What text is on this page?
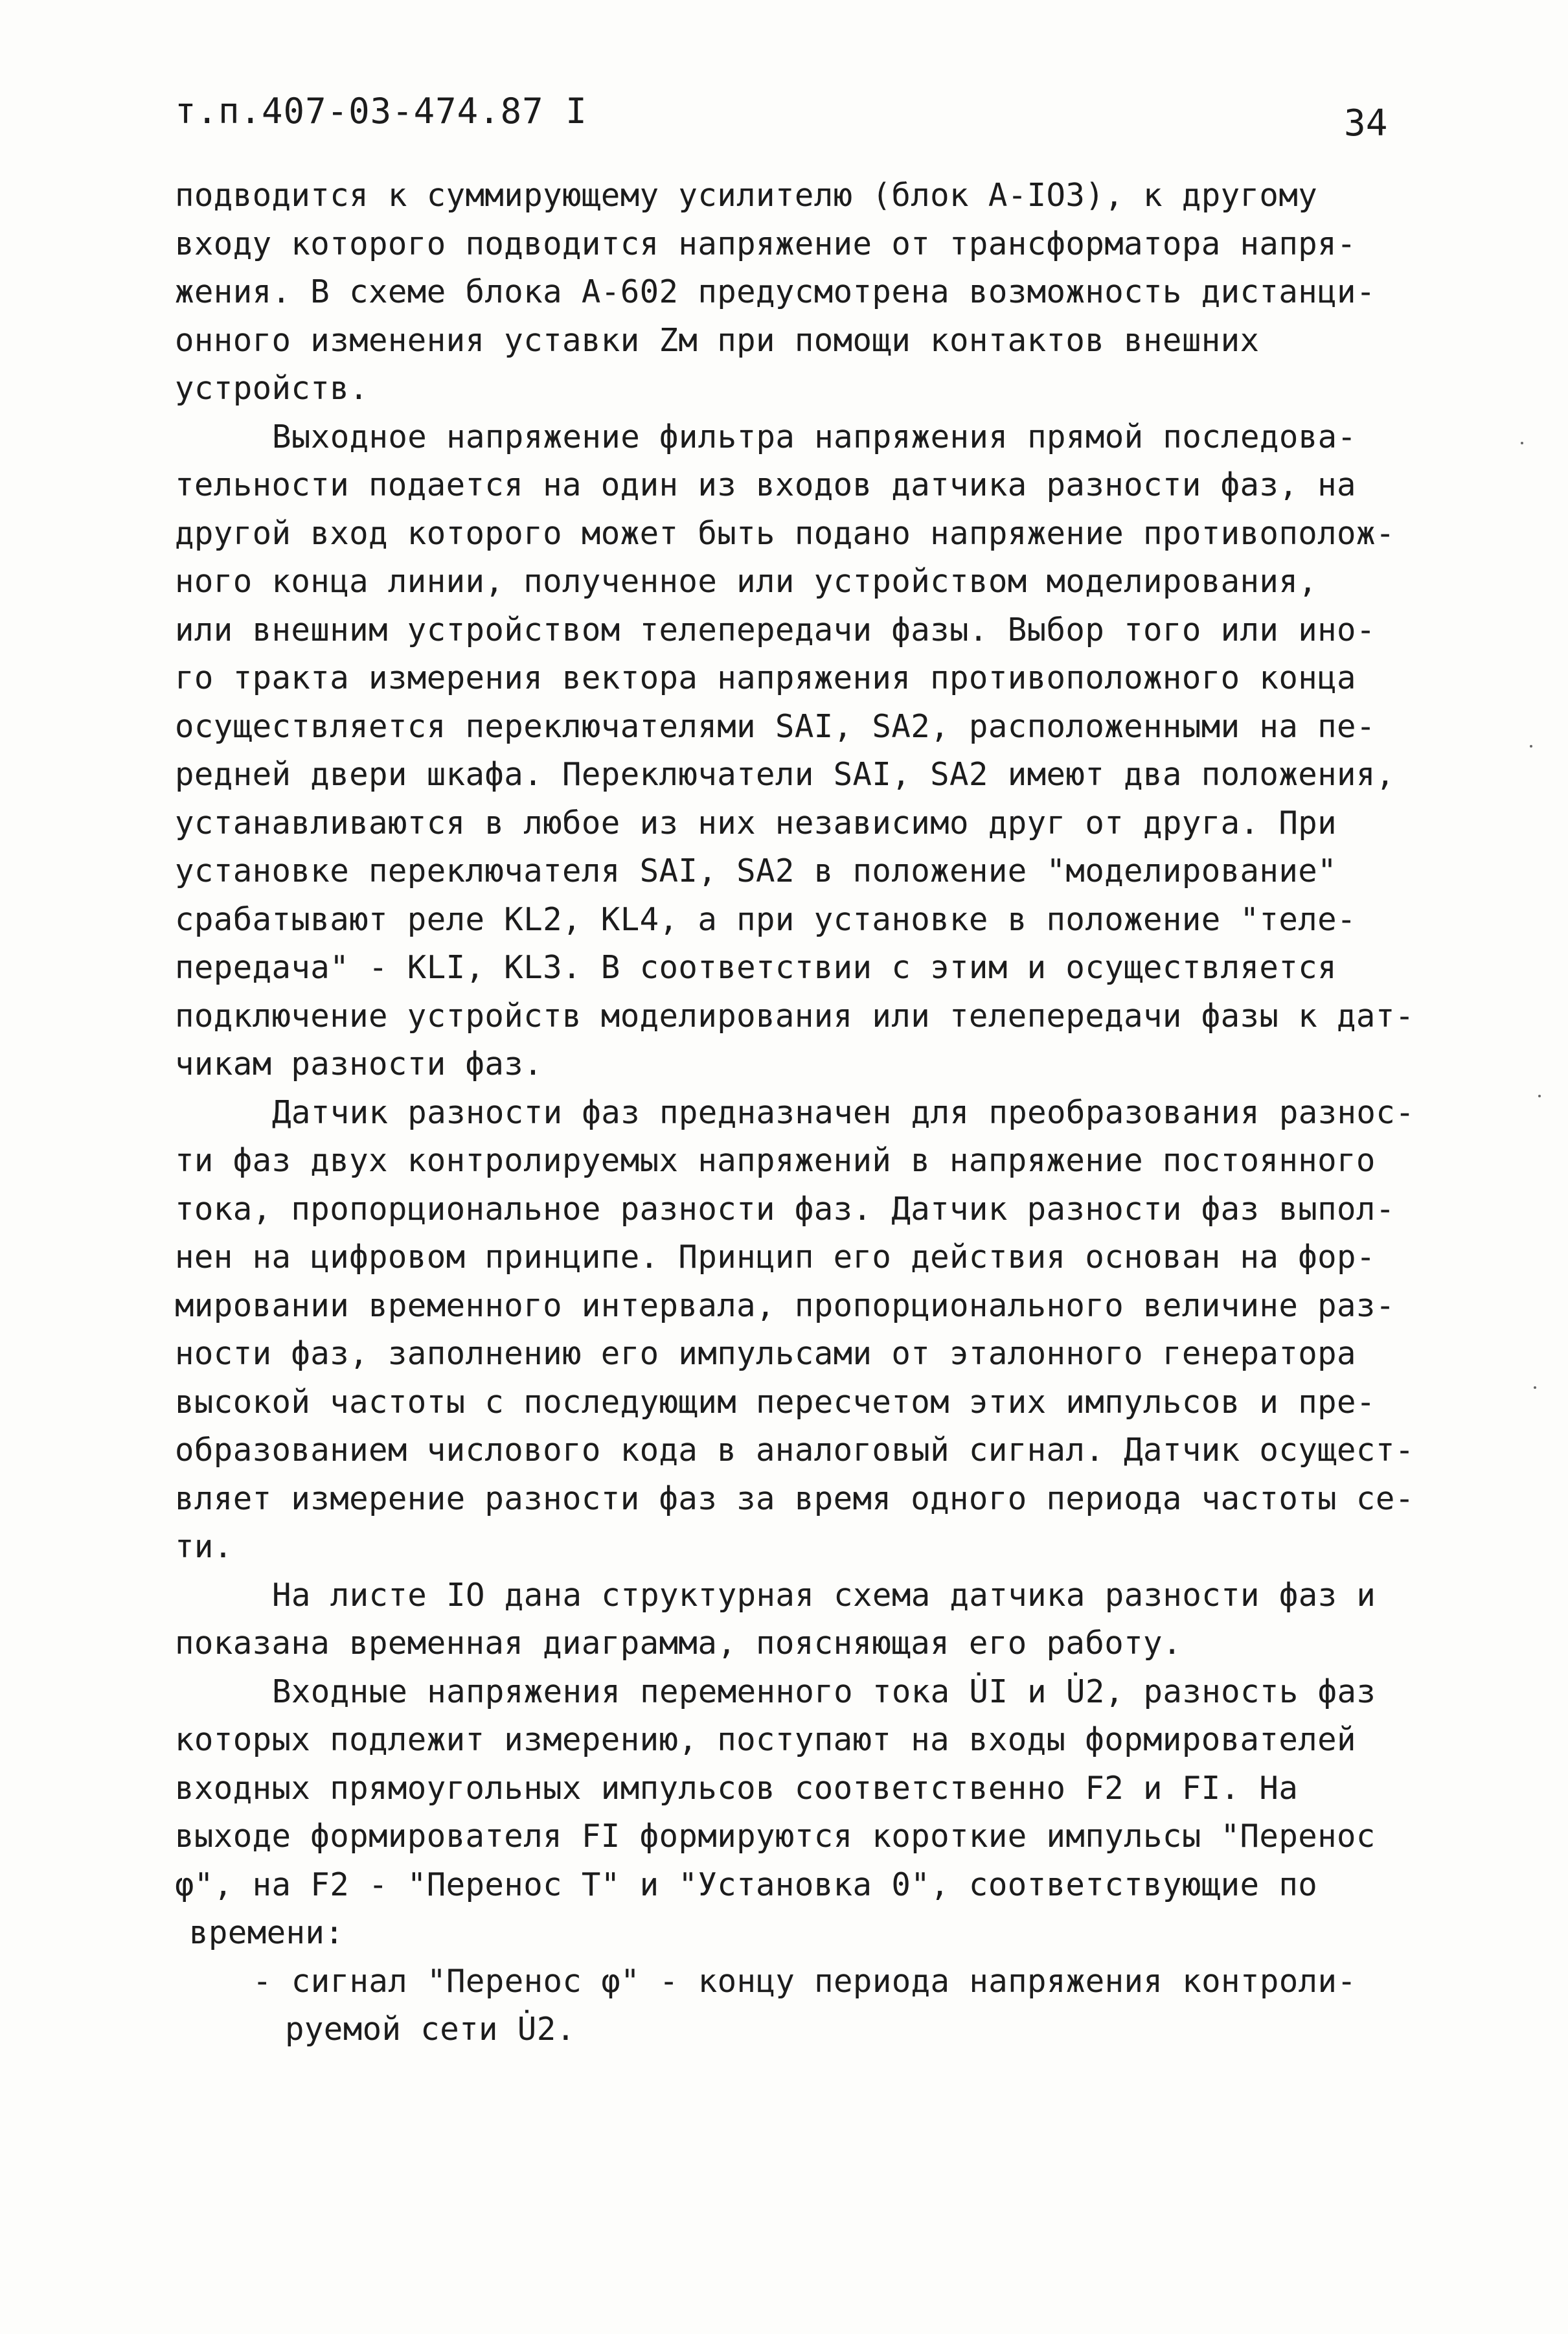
т.п.407-03-474.87 I	34
подводится к суммирующему усилителю (блок А-IO3), к другому
входу которого подводится напряжение от трансформатора напря-
жения. В схеме блока А-602 предусмотрена возможность дистанци-
онного изменения уставки Zм при помощи контактов внешних
устройств.
Выходное напряжение фильтра напряжения прямой последова-
тельности подается на один из входов датчика разности фаз, на
другой вход которого может быть подано напряжение противополож-
ного конца линии, полученное или устройством моделирования,
или внешним устройством телепередачи фазы. Выбор того или ино-
го тракта измерения вектора напряжения противоположного конца
осуществляется переключателями SAI, SA2, расположенными на пе-
редней двери шкафа. Переключатели SAI, SA2 имеют два положения,
устанавливаются в любое из них независимо друг от друга. При
установке переключателя SAI, SA2 в положение "моделирование"
срабатывают реле KL2, KL4, а при установке в положение "теле-
передача" - KLI, KL3. В соответствии с этим и осуществляется
подключение устройств моделирования или телепередачи фазы к дат-
чикам разности фаз.
Датчик разности фаз предназначен для преобразования разнос-
ти фаз двух контролируемых напряжений в напряжение постоянного
тока, пропорциональное разности фаз. Датчик разности фаз выпол-
нен на цифровом принципе. Принцип его действия основан на фор-
мировании временного интервала, пропорционального величине раз-
ности фаз, заполнению его импульсами от эталонного генератора
высокой частоты с последующим пересчетом этих импульсов и пре-
образованием числового кода в аналоговый сигнал. Датчик осущест-
вляет измерение разности фаз за время одного периода частоты се-
ти.
На листе IO дана структурная схема датчика разности фаз и
показана временная диаграмма, поясняющая его работу.
Входные напряжения переменного тока U̇I и U̇2, разность фаз
которых подлежит измерению, поступают на входы формирователей
входных прямоугольных импульсов соответственно F2 и FI. На
выходе формирователя FI формируются короткие импульсы "Перенос
φ", на F2 - "Перенос Т" и "Установка 0", соответствующие по
времени:
- сигнал "Перенос φ" - концу периода напряжения контроли-
руемой сети U̇2.
